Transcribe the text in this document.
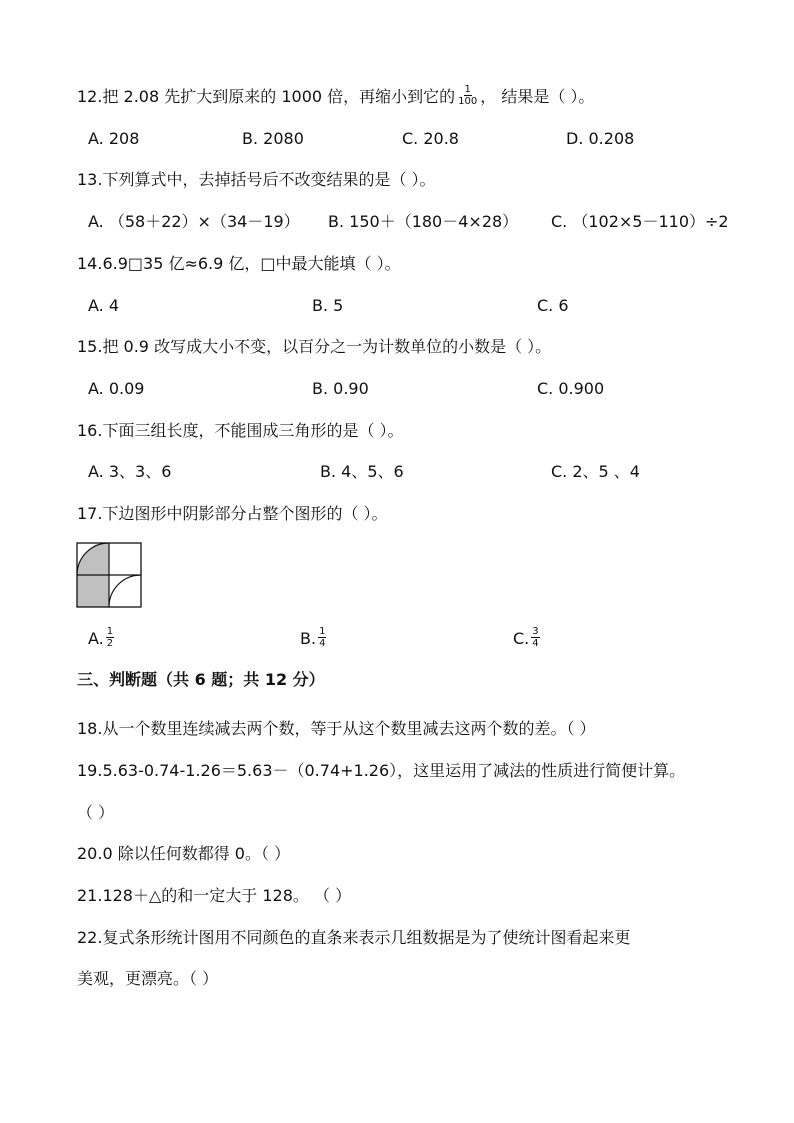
12.把 2.08 先扩大到原来的 1000 倍，再缩小到它的 $\frac{1}{100}$ ， 结果是（ ）。
A. 208	B. 2080	C. 20.8	D. 0.208
13.下列算式中，去掉括号后不改变结果的是（ ）。
A. （58＋22）×（34－19） B. 150＋（180－4×28） C. （102×5－110）÷2
14.6.9□35 亿≈6.9 亿，□中最大能填（ ）。
A. 4	B. 5	C. 6
15.把 0.9 改写成大小不变，以百分之一为计数单位的小数是（ ）。
A. 0.09	B. 0.90	C. 0.900
16.下面三组长度，不能围成三角形的是（ ）。
A. 3、3、6	B. 4、5、6	C. 2、5 、4
17.下边图形中阴影部分占整个图形的（ ）。
A. $\frac{1}{2}$	B. $\frac{1}{4}$	C. $\frac{3}{4}$
三、判断题（共 6 题；共 12 分）
18.从一个数里连续减去两个数，等于从这个数里减去这两个数的差。（ ）
19.5.63-0.74-1.26＝5.63－（0.74+1.26），这里运用了减法的性质进行简便计算。
（ ）
20.0 除以任何数都得 0。（ ）
21.128＋△的和一定大于 128。 （ ）
22.复式条形统计图用不同颜色的直条来表示几组数据是为了使统计图看起来更
美观，更漂亮。（ ）
